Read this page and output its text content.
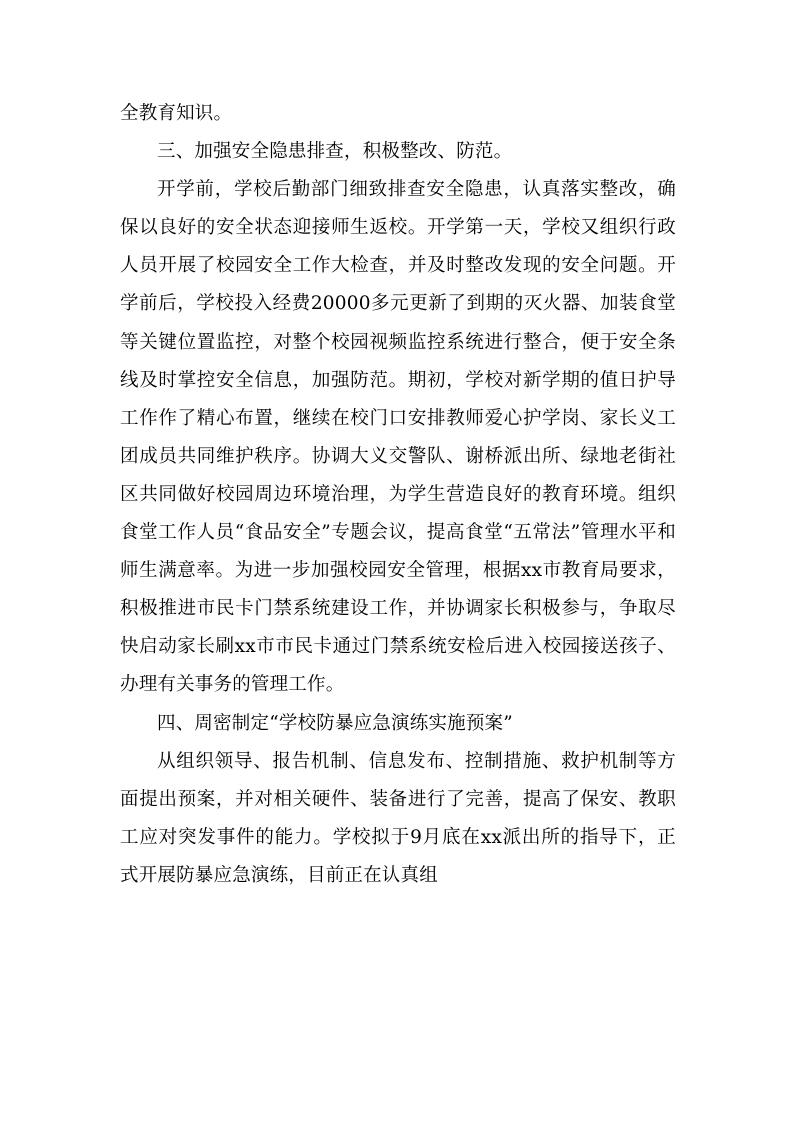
全教育知识。

三、加强安全隐患排查，积极整改、防范。

开学前，学校后勤部门细致排查安全隐患，认真落实整改，确保以良好的安全状态迎接师生返校。开学第一天，学校又组织行政人员开展了校园安全工作大检查，并及时整改发现的安全问题。开学前后，学校投入经费20000多元更新了到期的灭火器、加装食堂等关键位置监控，对整个校园视频监控系统进行整合，便于安全条线及时掌控安全信息，加强防范。期初，学校对新学期的值日护导工作作了精心布置，继续在校门口安排教师爱心护学岗、家长义工团成员共同维护秩序。协调大义交警队、谢桥派出所、绿地老街社区共同做好校园周边环境治理，为学生营造良好的教育环境。组织食堂工作人员“食品安全”专题会议，提高食堂“五常法”管理水平和师生满意率。为进一步加强校园安全管理，根据xx市教育局要求，积极推进市民卡门禁系统建设工作，并协调家长积极参与，争取尽快启动家长刷xx市市民卡通过门禁系统安检后进入校园接送孩子、办理有关事务的管理工作。

四、周密制定“学校防暴应急演练实施预案”

从组织领导、报告机制、信息发布、控制措施、救护机制等方面提出预案，并对相关硬件、装备进行了完善，提高了保安、教职工应对突发事件的能力。学校拟于9月底在xx派出所的指导下，正式开展防暴应急演练，目前正在认真组
